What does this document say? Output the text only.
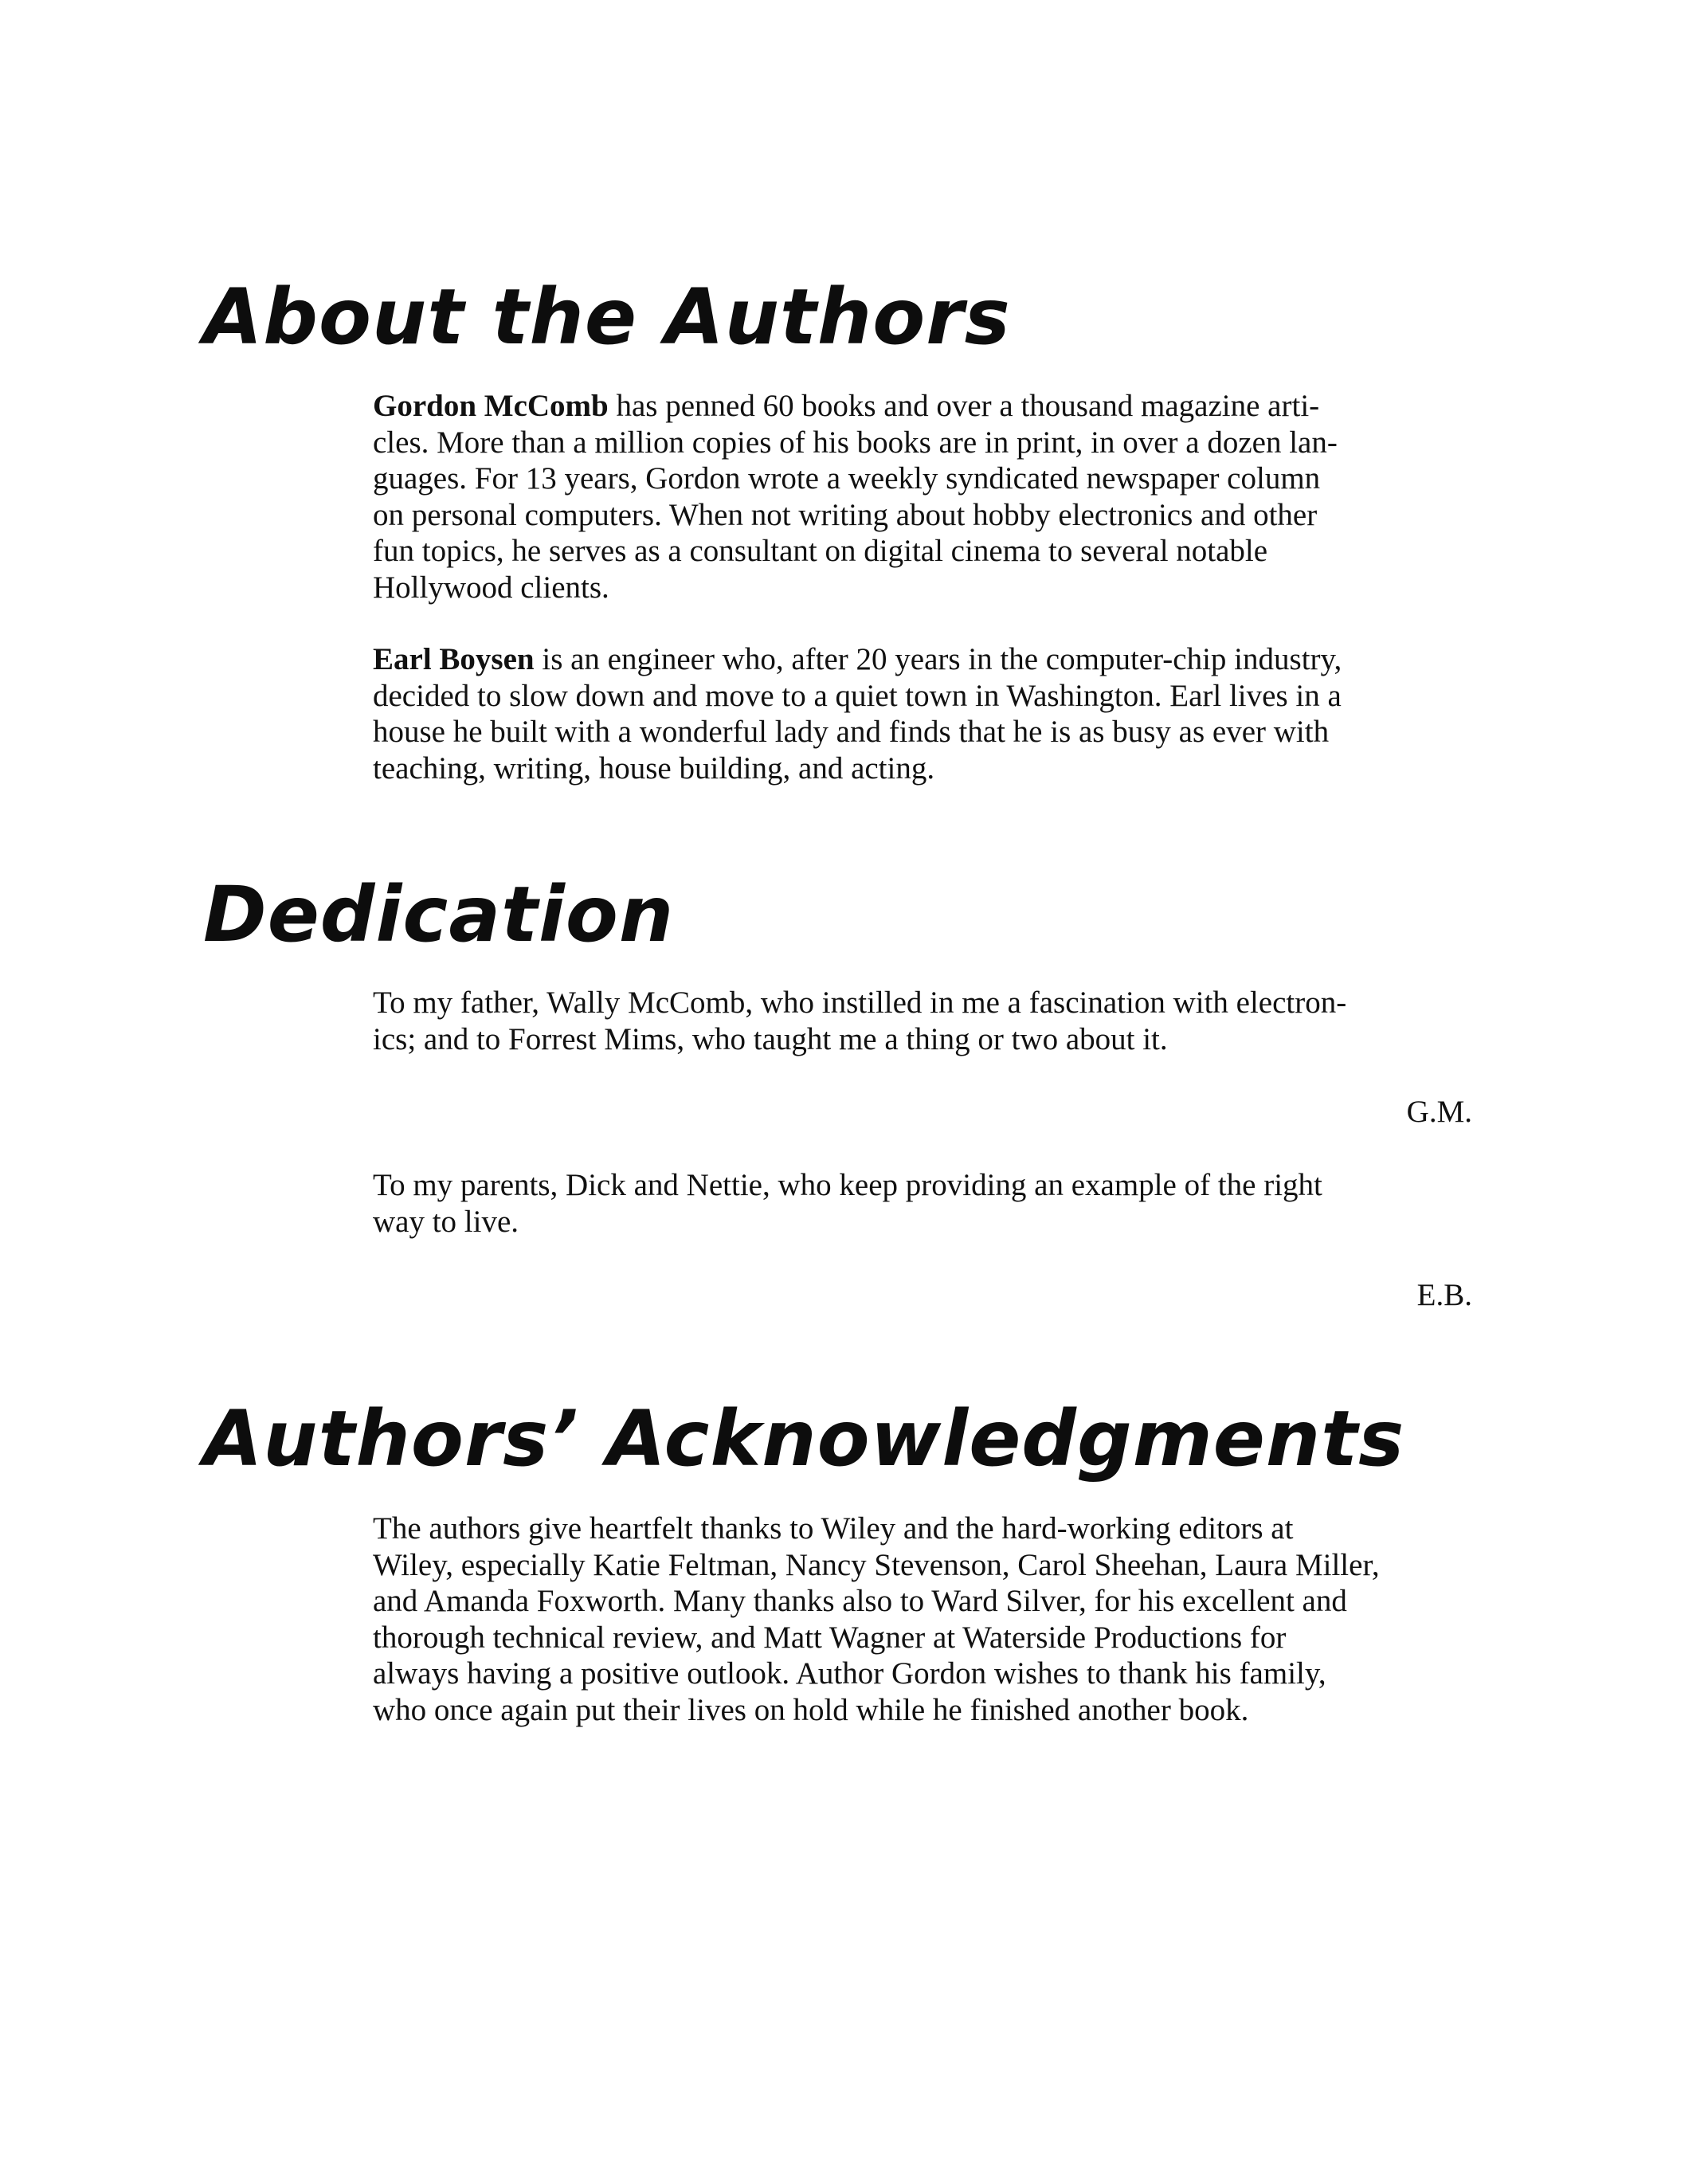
About the Authors

Gordon McComb has penned 60 books and over a thousand magazine arti-
cles. More than a million copies of his books are in print, in over a dozen lan-
guages. For 13 years, Gordon wrote a weekly syndicated newspaper column
on personal computers. When not writing about hobby electronics and other
fun topics, he serves as a consultant on digital cinema to several notable
Hollywood clients.

Earl Boysen is an engineer who, after 20 years in the computer-chip industry,
decided to slow down and move to a quiet town in Washington. Earl lives in a
house he built with a wonderful lady and finds that he is as busy as ever with
teaching, writing, house building, and acting.

Dedication

To my father, Wally McComb, who instilled in me a fascination with electron-
ics; and to Forrest Mims, who taught me a thing or two about it.

G.M.

To my parents, Dick and Nettie, who keep providing an example of the right
way to live.

E.B.
Authors’ Acknowledgments

The authors give heartfelt thanks to Wiley and the hard-working editors at
Wiley, especially Katie Feltman, Nancy Stevenson, Carol Sheehan, Laura Miller,
and Amanda Foxworth. Many thanks also to Ward Silver, for his excellent and
thorough technical review, and Matt Wagner at Waterside Productions for
always having a positive outlook. Author Gordon wishes to thank his family,
who once again put their lives on hold while he finished another book.
